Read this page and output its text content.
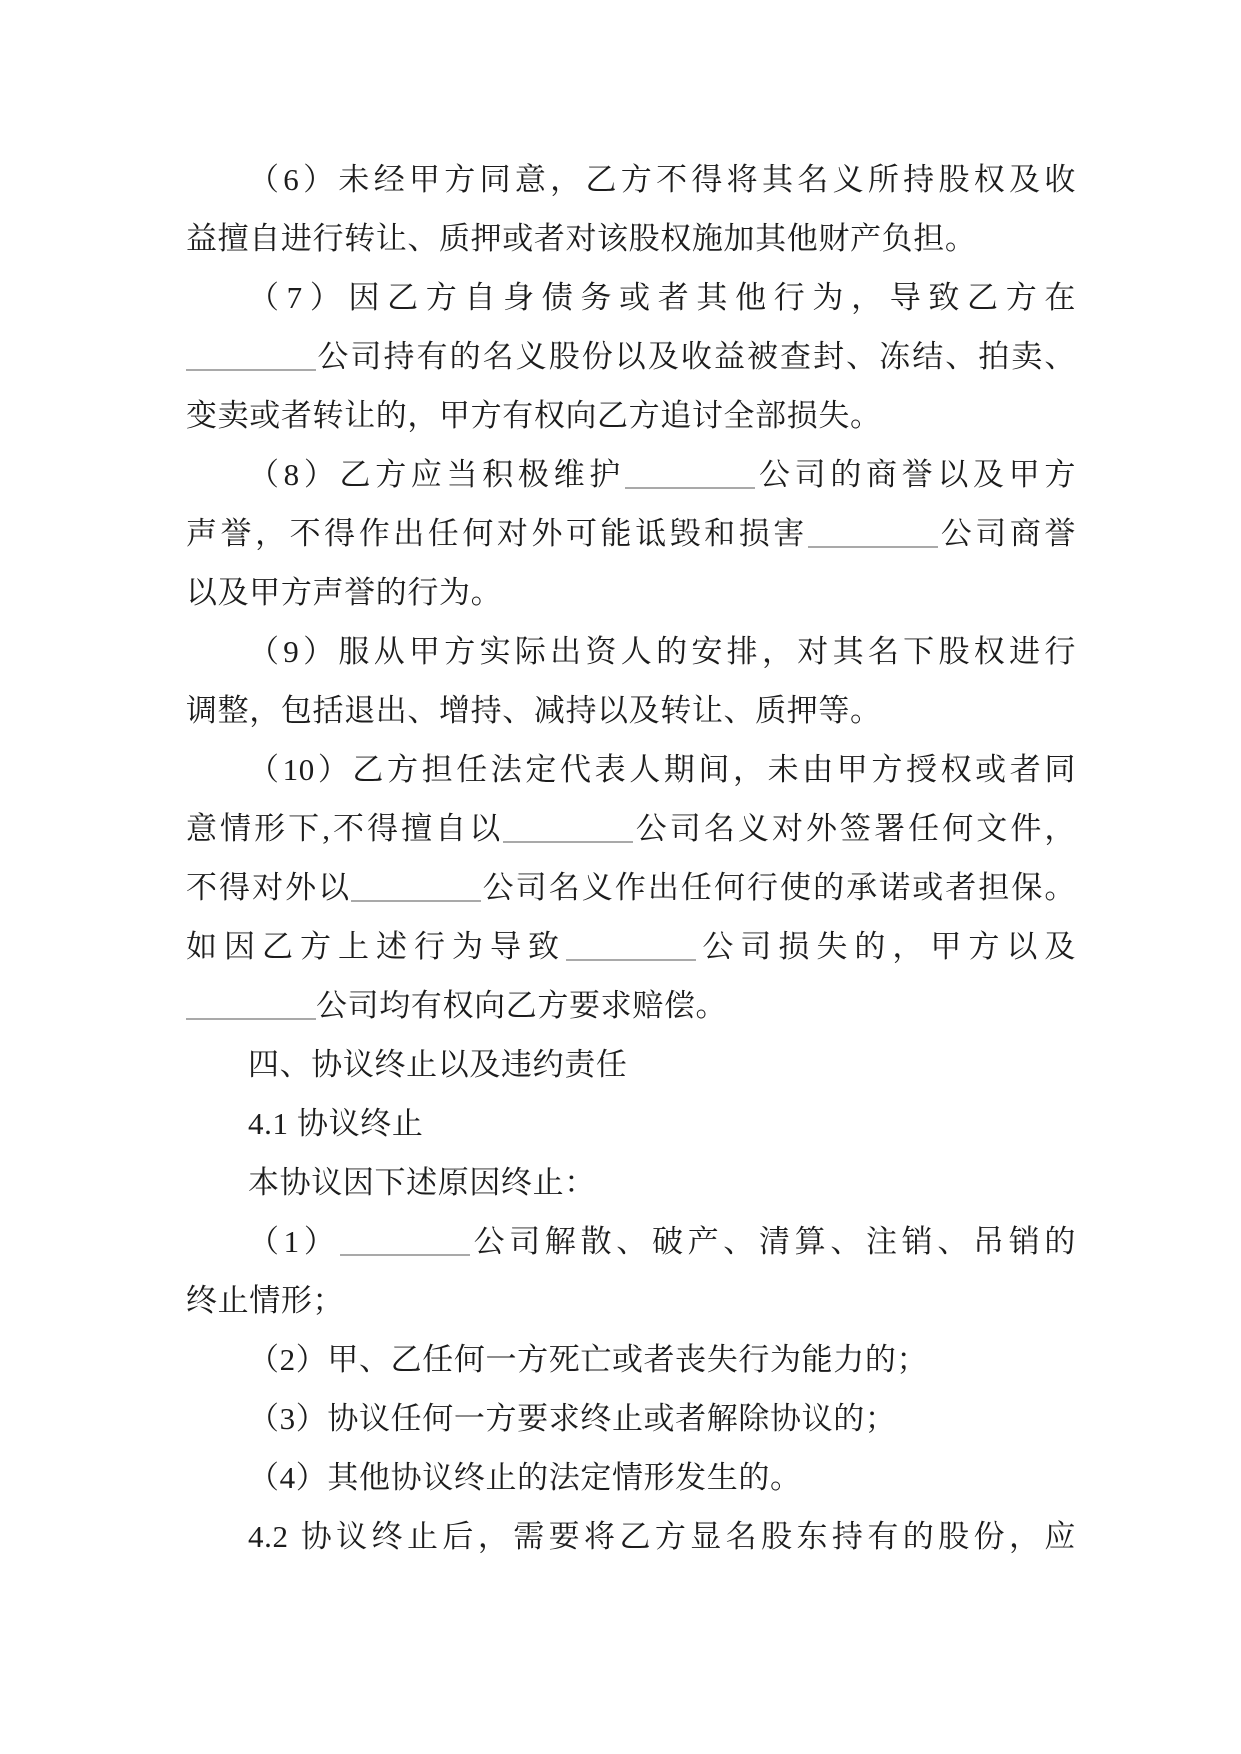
（6）未经甲方同意，乙方不得将其名义所持股权及收
益擅自进行转让、质押或者对该股权施加其他财产负担。
（7）因乙方自身债务或者其他行为，导致乙方在
公司持有的名义股份以及收益被查封、冻结、拍卖、
变卖或者转让的，甲方有权向乙方追讨全部损失。
（8）乙方应当积极维护	公司的商誉以及甲方
声誉，不得作出任何对外可能诋毁和损害	公司商誉
以及甲方声誉的行为。
（9）服从甲方实际出资人的安排，对其名下股权进行
调整，包括退出、增持、减持以及转让、质押等。
（10）乙方担任法定代表人期间，未由甲方授权或者同
意情形下,不得擅自以	公司名义对外签署任何文件，
不得对外以	公司名义作出任何行使的承诺或者担保。
如因乙方上述行为导致	公司损失的，甲方以及
公司均有权向乙方要求赔偿。
四、协议终止以及违约责任
4.1 协议终止
本协议因下述原因终止：
（1）	公司解散、破产、清算、注销、吊销的
终止情形；
（2）甲、乙任何一方死亡或者丧失行为能力的；
（3）协议任何一方要求终止或者解除协议的；
（4）其他协议终止的法定情形发生的。
4.2 协议终止后，需要将乙方显名股东持有的股份，应
